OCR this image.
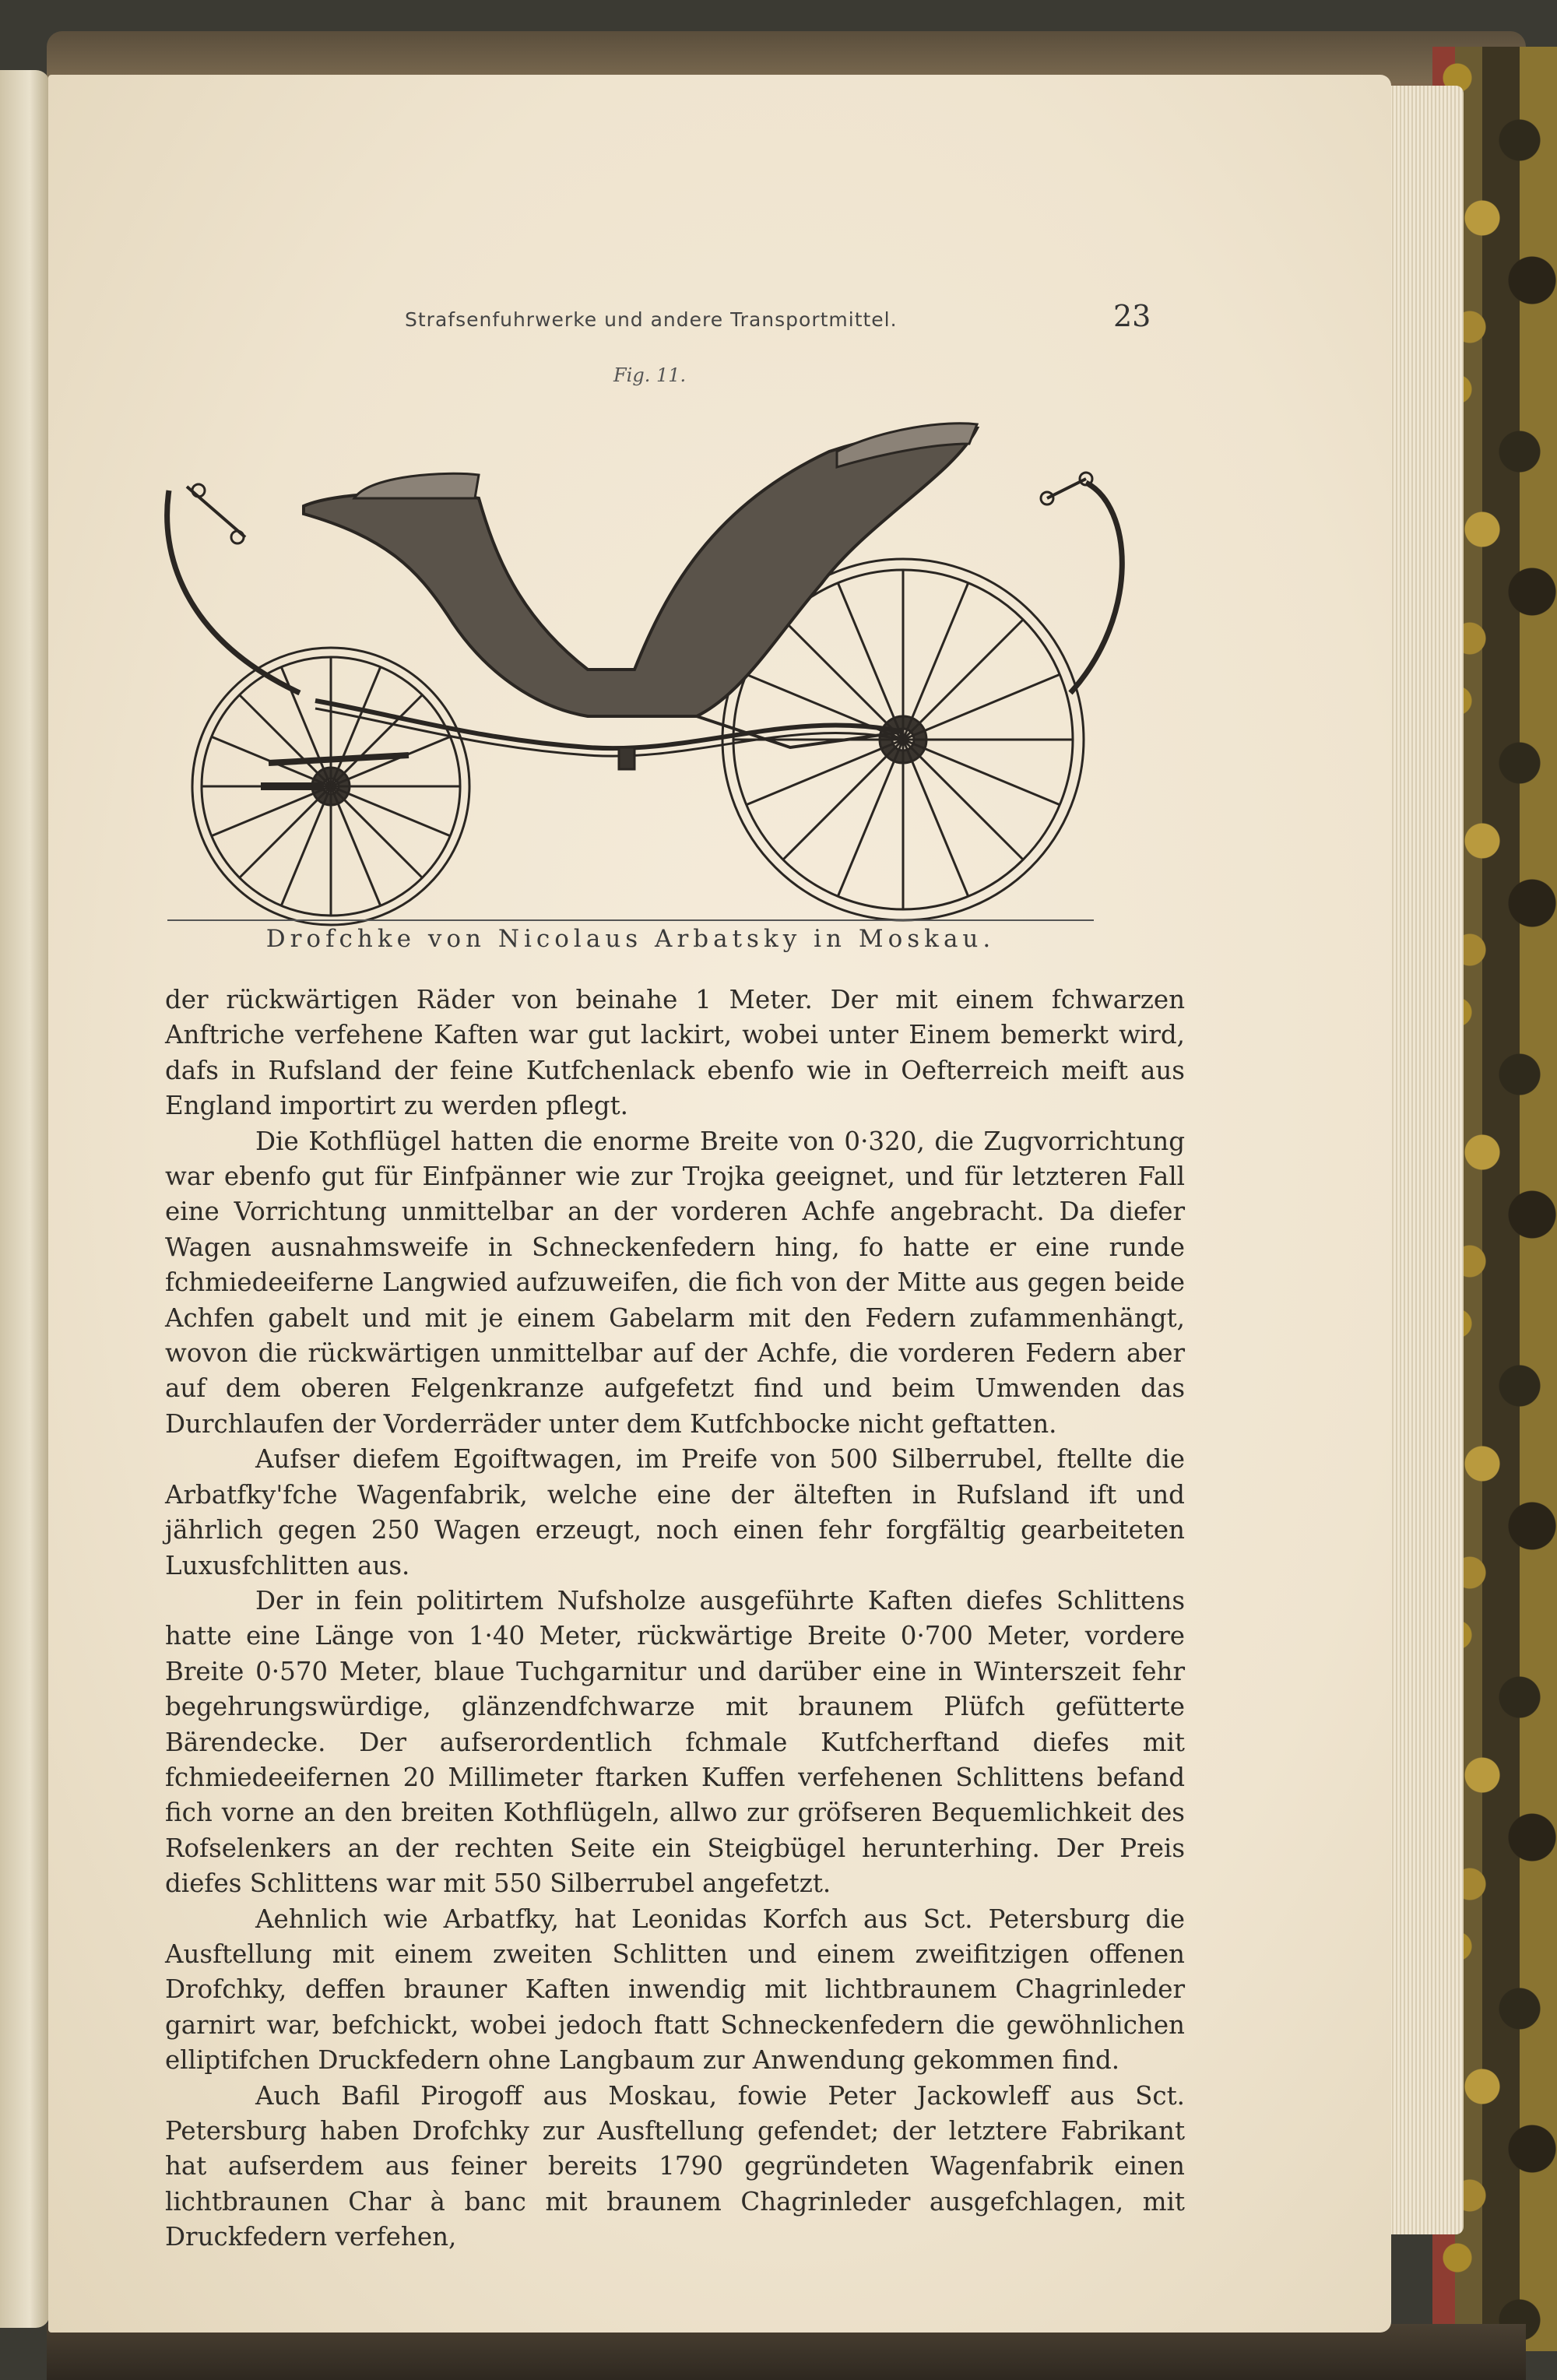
Strafsenfuhrwerke und andere Transportmittel.	23
Fig. 11.
Drofchke von Nicolaus Arbatsky in Moskau.

der rückwärtigen Räder von beinahe 1 Meter. Der mit einem fchwarzen Anftriche verfehene Kaften war gut lackirt, wobei unter Einem bemerkt wird, dafs in Rufsland der feine Kutfchenlack ebenfo wie in Oefterreich meift aus England importirt zu werden pflegt.

Die Kothflügel hatten die enorme Breite von 0·320, die Zugvorrichtung war ebenfo gut für Einfpänner wie zur Trojka geeignet, und für letzteren Fall eine Vorrichtung unmittelbar an der vorderen Achfe angebracht. Da diefer Wagen ausnahmsweife in Schneckenfedern hing, fo hatte er eine runde fchmiedeeiferne Langwied aufzuweifen, die fich von der Mitte aus gegen beide Achfen gabelt und mit je einem Gabelarm mit den Federn zufammenhängt, wovon die rückwärtigen unmittelbar auf der Achfe, die vorderen Federn aber auf dem oberen Felgenkranze aufgefetzt find und beim Umwenden das Durchlaufen der Vorderräder unter dem Kutfchbocke nicht geftatten.

Aufser diefem Egoiftwagen, im Preife von 500 Silberrubel, ftellte die Arbatfky'fche Wagenfabrik, welche eine der älteften in Rufsland ift und jährlich gegen 250 Wagen erzeugt, noch einen fehr forgfältig gearbeiteten Luxusfchlitten aus.

Der in fein politirtem Nufsholze ausgeführte Kaften diefes Schlittens hatte eine Länge von 1·40 Meter, rückwärtige Breite 0·700 Meter, vordere Breite 0·570 Meter, blaue Tuchgarnitur und darüber eine in Winterszeit fehr begehrungswürdige, glänzendfchwarze mit braunem Plüfch gefütterte Bärendecke. Der aufserordentlich fchmale Kutfcherftand diefes mit fchmiedeeifernen 20 Millimeter ftarken Kuffen verfehenen Schlittens befand fich vorne an den breiten Kothflügeln, allwo zur gröfseren Bequemlichkeit des Rofselenkers an der rechten Seite ein Steigbügel herunterhing. Der Preis diefes Schlittens war mit 550 Silberrubel angefetzt.

Aehnlich wie Arbatfky, hat Leonidas Korfch aus Sct. Petersburg die Ausftellung mit einem zweiten Schlitten und einem zweifitzigen offenen Drofchky, deffen brauner Kaften inwendig mit lichtbraunem Chagrinleder garnirt war, befchickt, wobei jedoch ftatt Schneckenfedern die gewöhnlichen elliptifchen Druckfedern ohne Langbaum zur Anwendung gekommen find.

Auch Bafil Pirogoff aus Moskau, fowie Peter Jackowleff aus Sct. Petersburg haben Drofchky zur Ausftellung gefendet; der letztere Fabrikant hat aufserdem aus feiner bereits 1790 gegründeten Wagenfabrik einen lichtbraunen Char à banc mit braunem Chagrinleder ausgefchlagen, mit Druckfedern verfehen,
